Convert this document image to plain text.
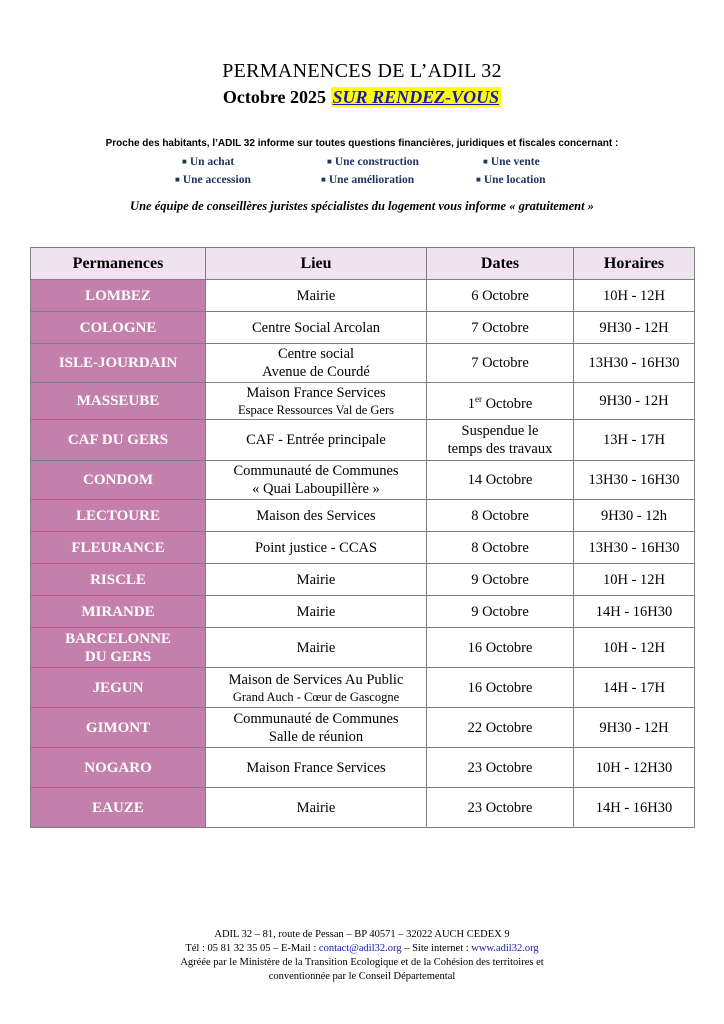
PERMANENCES DE L’ADIL 32
Octobre 2025 SUR RENDEZ-VOUS
Proche des habitants, l’ADIL 32 informe sur toutes questions financières, juridiques et fiscales concernant :
■ Un achat	■ Une construction	■ Une vente
■ Une accession	■ Une amélioration	■ Une location
Une équipe de conseillères juristes spécialistes du logement vous informe « gratuitement »
Permanences	Lieu	Dates	Horaires

LOMBEZ	Mairie	6 Octobre	10H - 12H

COLOGNE	Centre Social Arcolan	7 Octobre	9H30 - 12H

ISLE-JOURDAIN	Centre social
Avenue de Courdé	7 Octobre	13H30 - 16H30

MASSEUBE	Maison France Services
Espace Ressources Val de Gers	1er Octobre	9H30 - 12H

CAF DU GERS	CAF - Entrée principale	Suspendue le
temps des travaux	13H - 17H

CONDOM	Communauté de Communes
« Quai Laboupillère »	14 Octobre	13H30 - 16H30

LECTOURE	Maison des Services	8 Octobre	9H30 - 12h

FLEURANCE	Point justice - CCAS	8 Octobre	13H30 - 16H30

RISCLE	Mairie	9 Octobre	10H - 12H

MIRANDE	Mairie	9 Octobre	14H - 16H30

BARCELONNE
DU GERS	Mairie	16 Octobre	10H - 12H

JEGUN	Maison de Services Au Public
Grand Auch - Cœur de Gascogne	16 Octobre	14H - 17H

GIMONT	Communauté de Communes
Salle de réunion	22 Octobre	9H30 - 12H

NOGARO	Maison France Services	23 Octobre	10H - 12H30

EAUZE	Mairie	23 Octobre	14H - 16H30
ADIL 32 – 81, route de Pessan – BP 40571 – 32022 AUCH CEDEX 9
Tél : 05 81 32 35 05 – E-Mail : contact@adil32.org – Site internet : www.adil32.org
Agréée par le Ministère de la Transition Ecologique et de la Cohésion des territoires et
conventionnée par le Conseil Départemental
